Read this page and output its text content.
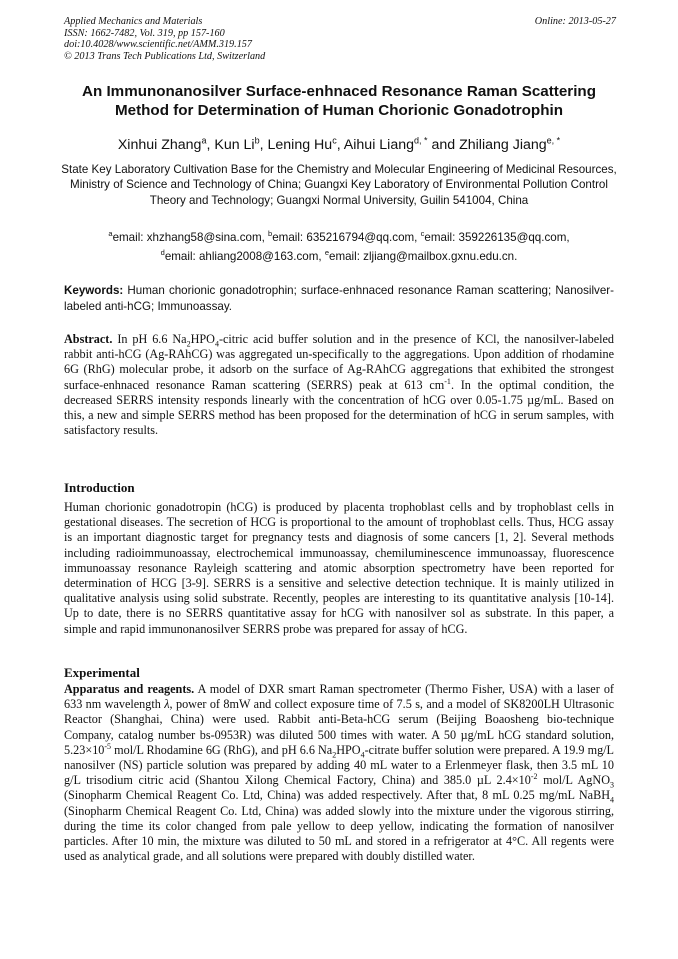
Applied Mechanics and Materials
ISSN: 1662-7482, Vol. 319, pp 157-160
doi:10.4028/www.scientific.net/AMM.319.157
© 2013 Trans Tech Publications Ltd, Switzerland
Online: 2013-05-27
An Immunonanosilver Surface-enhnaced Resonance Raman Scattering
Method for Determination of Human Chorionic Gonadotrophin
Xinhui Zhang$^a$, Kun Li$^b$, Lening Hu$^c$, Aihui Liang$^{d, *}$ and Zhiliang Jiang$^{e, *}$
State Key Laboratory Cultivation Base for the Chemistry and Molecular Engineering of Medicinal Resources, Ministry of Science and Technology of China; Guangxi Key Laboratory of Environmental Pollution Control Theory and Technology; Guangxi Normal University, Guilin 541004, China
$^a$email: xhzhang58@sina.com, $^b$email: 635216794@qq.com, $^c$email: 359226135@qq.com,
$^d$email: ahliang2008@163.com, $^e$email: zljiang@mailbox.gxnu.edu.cn.
Keywords: Human chorionic gonadotrophin; surface-enhnaced resonance Raman scattering; Nanosilver-labeled anti-hCG; Immunoassay.
Abstract. In pH 6.6 $Na_2HPO_4$-citric acid buffer solution and in the presence of KCl, the nanosilver-labeled rabbit anti-hCG (Ag-RAhCG) was aggregated un-specifically to the aggregations. Upon addition of rhodamine 6G (RhG) molecular probe, it adsorb on the surface of Ag-RAhCG aggregations that exhibited the strongest surface-enhnaced resonance Raman scattering (SERRS) peak at 613 $cm^{-1}$. In the optimal condition, the decreased SERRS intensity responds linearly with the concentration of hCG over 0.05-1.75 µg/mL. Based on this, a new and simple SERRS method has been proposed for the determination of hCG in serum samples, with satisfactory results.
Introduction
Human chorionic gonadotropin (hCG) is produced by placenta trophoblast cells and by trophoblast cells in gestational diseases. The secretion of HCG is proportional to the amount of trophoblast cells. Thus, HCG assay is an important diagnostic target for pregnancy tests and diagnosis of some cancers [1, 2]. Several methods including radioimmunoassay, electrochemical immunoassay, chemiluminescence immunoassay, fluorescence immunoassay resonance Rayleigh scattering and atomic absorption spectrometry have been reported for determination of HCG [3-9]. SERRS is a sensitive and selective detection technique. It is mainly utilized in qualitative analysis using solid substrate. Recently, peoples are interesting to its quantitative analysis [10-14]. Up to date, there is no SERRS quantitative assay for hCG with nanosilver sol as substrate. In this paper, a simple and rapid immunonanosilver SERRS probe was prepared for assay of hCG.
Experimental
Apparatus and reagents. A model of DXR smart Raman spectrometer (Thermo Fisher, USA) with a laser of 633 nm wavelength λ, power of 8mW and collect exposure time of 7.5 s, and a model of SK8200LH Ultrasonic Reactor (Shanghai, China) were used. Rabbit anti-Beta-hCG serum (Beijing Boaosheng bio-technique Company, catalog number bs-0953R) was diluted 500 times with water. A 50 µg/mL hCG standard solution, $5.23\times 10^{-5}$ mol/L Rhodamine 6G (RhG), and pH 6.6 $Na_2HPO_4$-citrate buffer solution were prepared. A 19.9 mg/L nanosilver (NS) particle solution was prepared by adding 40 mL water to a Erlenmeyer flask, then 3.5 mL 10 g/L trisodium citric acid (Shantou Xilong Chemical Factory, China) and 385.0 µL $2.4\times 10^{-2}$ mol/L AgNO$_3$ (Sinopharm Chemical Reagent Co. Ltd, China) was added respectively. After that, 8 mL 0.25 mg/mL NaBH$_4$ (Sinopharm Chemical Reagent Co. Ltd, China) was added slowly into the mixture under the vigorous stirring, during the time its color changed from pale yellow to deep yellow, indicating the formation of nanosilver particles. After 10 min, the mixture was diluted to 50 mL and stored in a refrigerator at 4°C. All regents were used as analytical grade, and all solutions were prepared with doubly distilled water.
